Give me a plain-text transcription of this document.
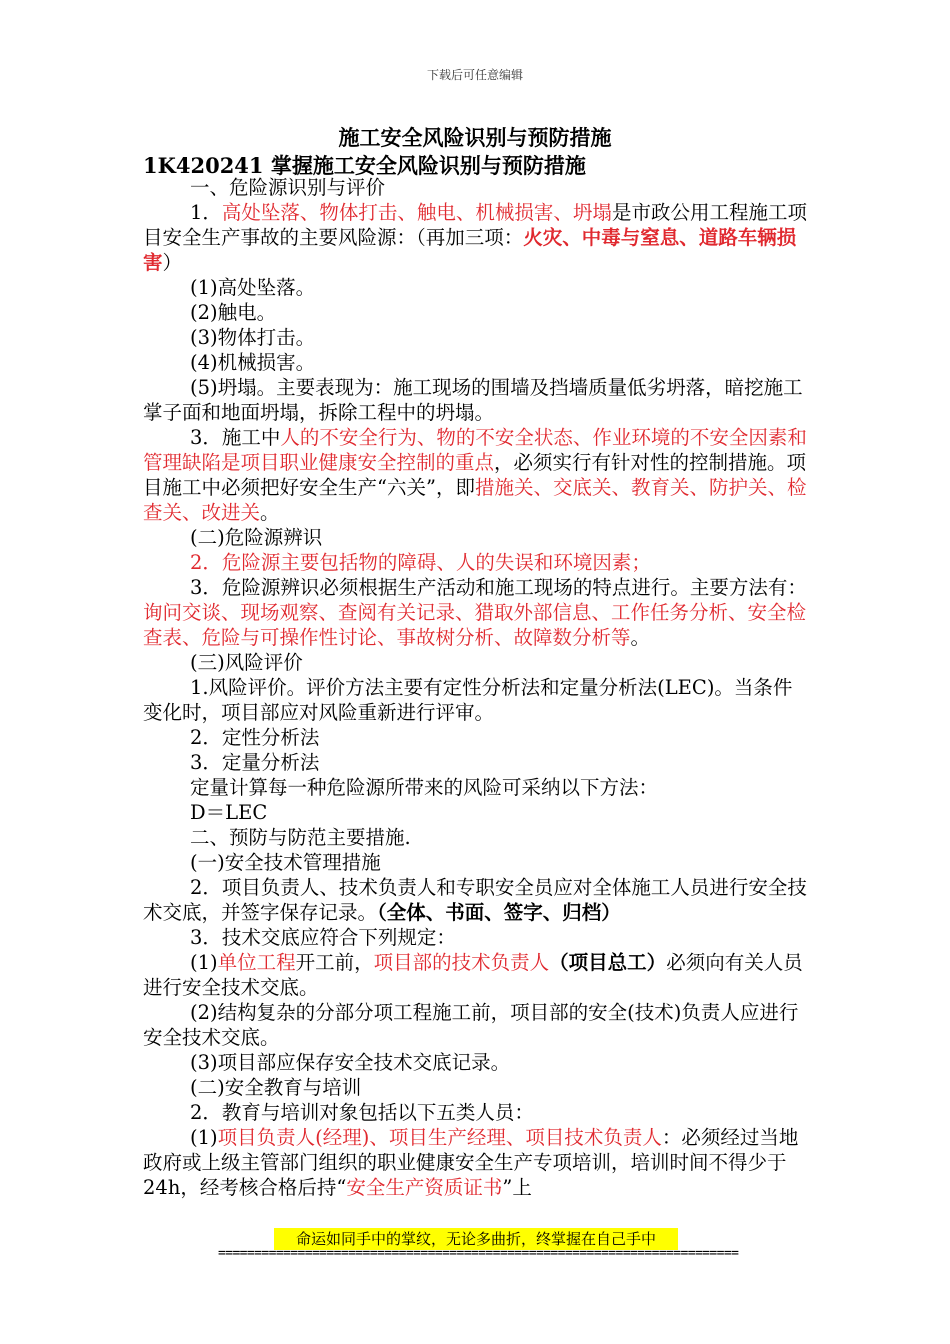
下载后可任意编辑
施工安全风险识别与预防措施
1K420241 掌握施工安全风险识别与预防措施

一、危险源识别与评价

1．高处坠落、物体打击、触电、机械损害、坍塌是市政公用工程施工项目安全生产事故的主要风险源：（再加三项：火灾、中毒与窒息、道路车辆损害）

(1)高处坠落。

(2)触电。

(3)物体打击。

(4)机械损害。

(5)坍塌。主要表现为：施工现场的围墙及挡墙质量低劣坍落，暗挖施工掌子面和地面坍塌，拆除工程中的坍塌。

3．施工中人的不安全行为、物的不安全状态、作业环境的不安全因素和管理缺陷是项目职业健康安全控制的重点，必须实行有针对性的控制措施。项目施工中必须把好安全生产“六关”，即措施关、交底关、教育关、防护关、检查关、改进关。

(二)危险源辨识

2．危险源主要包括物的障碍、人的失误和环境因素；

3．危险源辨识必须根据生产活动和施工现场的特点进行。主要方法有：询问交谈、现场观察、查阅有关记录、猎取外部信息、工作任务分析、安全检查表、危险与可操作性讨论、事故树分析、故障数分析等。

(三)风险评价

1.风险评价。评价方法主要有定性分析法和定量分析法(LEC)。当条件变化时，项目部应对风险重新进行评审。

2．定性分析法

3．定量分析法

定量计算每一种危险源所带来的风险可采纳以下方法：

D＝LEC

二、预防与防范主要措施.

(一)安全技术管理措施

2．项目负责人、技术负责人和专职安全员应对全体施工人员进行安全技术交底，并签字保存记录。（全体、书面、签字、归档）

3．技术交底应符合下列规定：

(1)单位工程开工前，项目部的技术负责人（项目总工）必须向有关人员进行安全技术交底。

(2)结构复杂的分部分项工程施工前，项目部的安全(技术)负责人应进行安全技术交底。

(3)项目部应保存安全技术交底记录。

(二)安全教育与培训

2．教育与培训对象包括以下五类人员：

(1)项目负责人(经理)、项目生产经理、项目技术负责人：必须经过当地政府或上级主管部门组织的职业健康安全生产专项培训，培训时间不得少于 24h，经考核合格后持“安全生产资质证书”上

命运如同手中的掌纹，无论多曲折，终掌握在自己手中
========================================================================
